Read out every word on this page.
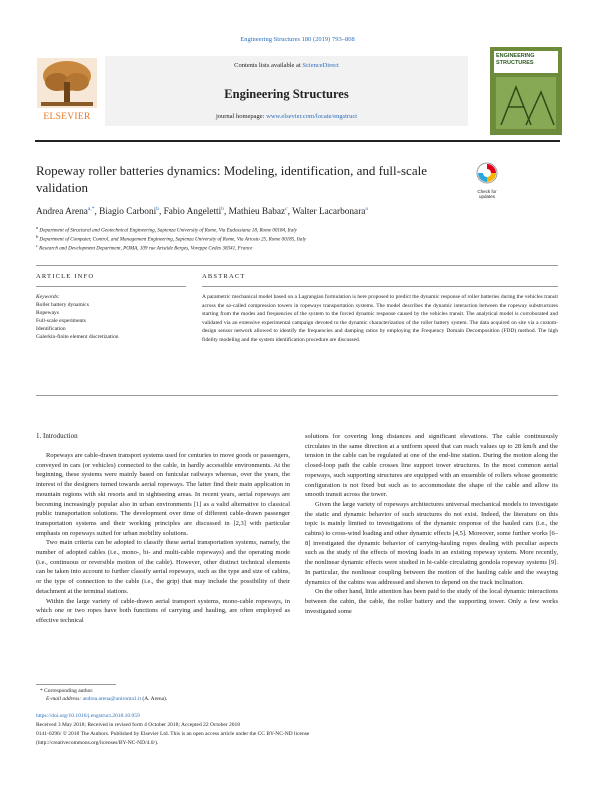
Engineering Structures 180 (2019) 793–808
ELSEVIER
Contents lists available at ScienceDirect
Engineering Structures
journal homepage: www.elsevier.com/locate/engstruct
ENGINEERING STRUCTURES
Ropeway roller batteries dynamics: Modeling, identification, and full-scale validation	Check for updates
Andrea Arena$^{a,*}$, Biagio Carboni$^b$, Fabio Angeletti$^b$, Mathieu Babaz$^c$, Walter Lacarbonara$^a$
$^a$ Department of Structural and Geotechnical Engineering, Sapienza University of Rome, Via Eudossiana 18, Rome 00184, Italy
$^b$ Department of Computer, Control, and Management Engineering, Sapienza University of Rome, Via Ariosto 25, Rome 00185, Italy
$^c$ Research and Development Department, POMA, 109 rue Aristide Berges, Voreppe Cedex 38341, France
ARTICLE INFO	ABSTRACT
Keywords:
Roller battery dynamics
Ropeways
Full-scale experiments
Identification
Galerkin-finite element discretization
A parametric mechanical model based on a Lagrangian formulation is here proposed to predict the dynamic response of roller batteries during the vehicles transit across the so-called compression towers in ropeways transportation systems. The model describes the dynamic interaction between the ropeway substructures starting from the modes and frequencies of the system to the forced dynamic response caused by the vehicles transit. The analytical model is corroborated and validated via an extensive experimental campaign devoted to the dynamic characterization of the roller battery system. The data acquired on site via a custom-design sensor network allowed to identify the frequencies and damping ratios by employing the Frequency Domain Decomposition (FDD) method. The high fidelity modeling and the system identification procedure are discussed.
1. Introduction

Ropeways are cable-drawn transport systems used for centuries to move goods or passengers, conveyed in cars (or vehicles) connected to the cable, in hardly accessible environments. At the beginning, these systems were mainly based on funicular railways whereas, over the years, the interest of the designers turned towards aerial ropeways. The latter find their main application in mountain regions with ski resorts and in sightseeing areas. In recent years, aerial ropeways are becoming increasingly popular also in urban environments [1] as a valid alternative to classical public transportation solutions. The development over time of different cable-drawn passenger transportation systems and their working principles are discussed in [2,3] with particular emphasis on ropeways suited for urban mobility solutions.

Two main criteria can be adopted to classify these aerial transportation systems, namely, the number of adopted cables (i.e., mono-, bi- and multi-cable ropeways) and the operating mode (i.e., continuous or reversible motion of the cable). However, other distinct technical elements can be taken into account to further classify aerial ropeways, such as the type and size of cabins, or the type of connection to the cable (i.e., the grip) that may include the possibility of their detachment at the terminal stations.

Within the large variety of cable-drawn aerial transport systems, mono-cable ropeways, in which one or two ropes have both functions of carrying and hauling, are often employed as effective technical

solutions for covering long distances and significant elevations. The cable continuously circulates in the same direction at a uniform speed that can reach values up to 28 km/h and the tension in the cable can be regulated at one of the end-line station. During the motion along the closed-loop path the cable crosses line support tower structures. In the most common aerial ropeways, such supporting structures are equipped with an ensemble of rollers whose geometric configuration is not fixed but such as to accommodate the shape of the cable and allow its smooth transit across the tower.

Given the large variety of ropeways architectures universal mechanical models to investigate the static and dynamic behavior of such structures do not exist. Indeed, the literature on this topic is mainly limited to investigations of the dynamic response of the hauled cars (i.e., the cabins) to cross-wind loading and other dynamic effects [4,5]. Moreover, some further works [6–8] investigated the dynamic behavior of carrying-hauling ropes dealing with peculiar aspects such as the study of the effects of moving loads in an existing ropeway system. More recently, the nonlinear dynamic effects were studied in bi-cable circulating gondola ropeway systems [9]. In particular, the nonlinear coupling between the motion of the hauling cable and the swaying dynamics of the cabins was addressed and shown to depend on the track inclination.

On the other hand, little attention has been paid to the study of the local dynamic interactions between the cabin, the cable, the roller battery and the supporting tower. Only a few works investigated some

* Corresponding author.
E-mail address: andrea.arena@uniroma1.it (A. Arena).
https://doi.org/10.1016/j.engstruct.2018.10.059
Received 3 May 2018; Received in revised form 4 October 2018; Accepted 22 October 2018
0141-0296/ © 2018 The Authors. Published by Elsevier Ltd. This is an open access article under the CC BY-NC-ND license
(http://creativecommons.org/licenses/BY-NC-ND/4.0/).
